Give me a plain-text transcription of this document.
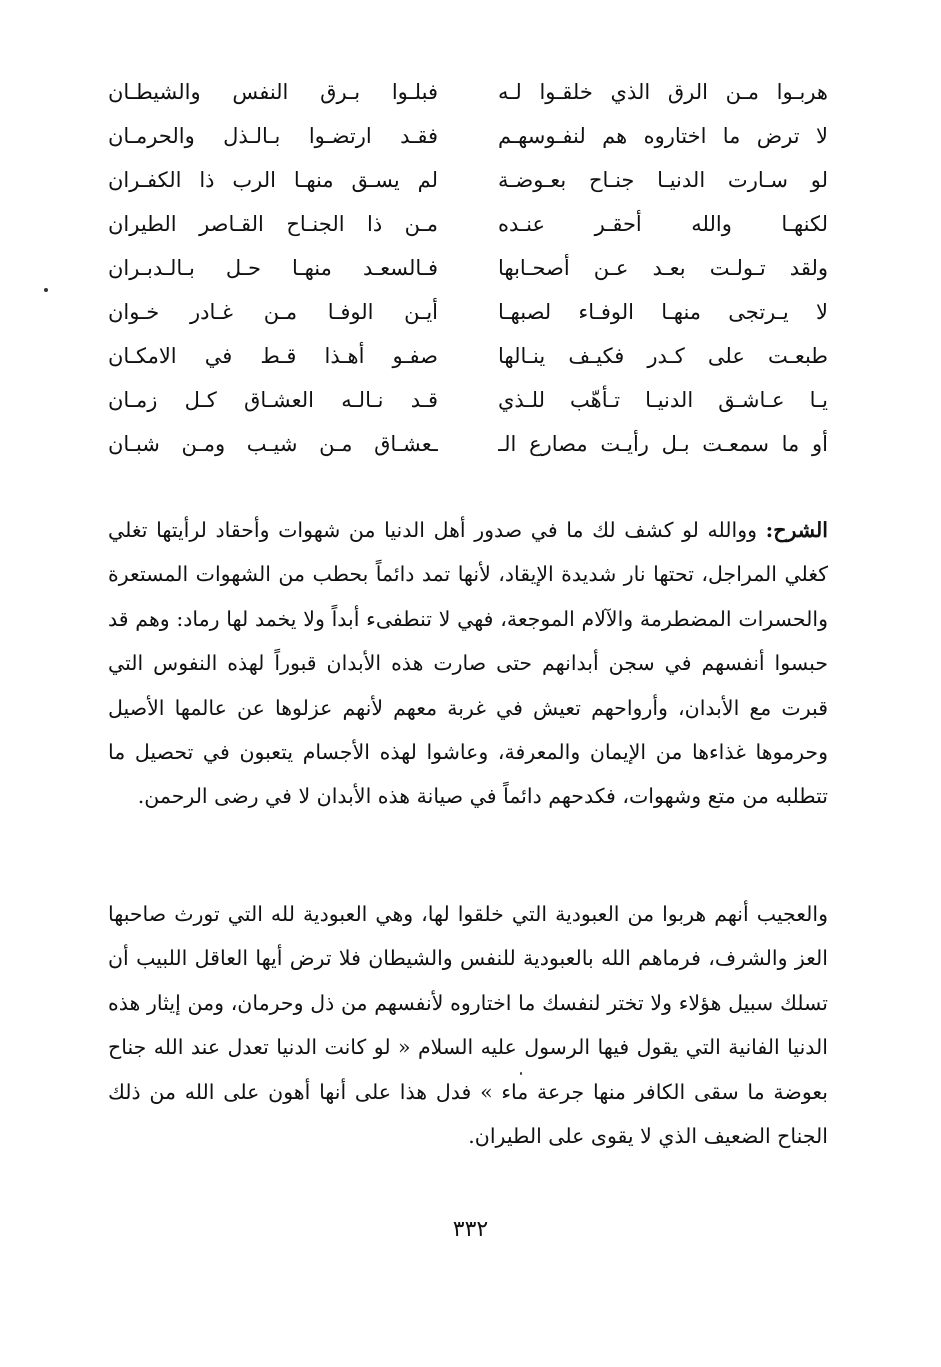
هربـوا مـن الرق الذي خلقـوا لـه
فبلـوا بـرق النفس والشيطـان
لا ترض ما اختاروه هم لنفـوسهـم
فقـد ارتضـوا بـالـذل والحرمـان
لو سـارت الدنيـا جنـاح بعـوضـة
لم يسـق منهـا الرب ذا الكفـران
لكنهـا والله أحقـر عنـده
مـن ذا الجنـاح القـاصر الطيران
ولقد تـولـت بعـد عـن أصحـابها
فـالسعـد منهـا حـل بـالـدبـران
لا يـرتجى منهـا الوفـاء لصبهـا
أيـن الوفـا مـن غـادر خـوان
طبعـت على كـدر فكيـف ينـالها
صفـو أهـذا قـط في الامكـان
يـا عـاشـق الدنيـا تـأهّب للـذي
قـد نـالـه العشـاق كـل زمـان
أو ما سمعـت بـل رأيـت مصارع الـ
ـعشـاق مـن شيـب ومـن شبـان

الشرح: ووالله لو كشف لك ما في صدور أهل الدنيا من شهوات وأحقاد لرأيتها تغلي كغلي المراجل، تحتها نار شديدة الإيقاد، لأنها تمد دائماً بحطب من الشهوات المستعرة والحسرات المضطرمة والآلام الموجعة، فهي لا تنطفىء أبداً ولا يخمد لها رماد: وهم قد حبسوا أنفسهم في سجن أبدانهم حتى صارت هذه الأبدان قبوراً لهذه النفوس التي قبرت مع الأبدان، وأرواحهم تعيش في غربة معهم لأنهم عزلوها عن عالمها الأصيل وحرموها غذاءها من الإيمان والمعرفة، وعاشوا لهذه الأجسام يتعبون في تحصيل ما تتطلبه من متع وشهوات، فكدحهم دائماً في صيانة هذه الأبدان لا في رضى الرحمن.

والعجيب أنهم هربوا من العبودية التي خلقوا لها، وهي العبودية لله التي تورث صاحبها العز والشرف، فرماهم الله بالعبودية للنفس والشيطان فلا ترض أيها العاقل اللبيب أن تسلك سبيل هؤلاء ولا تختر لنفسك ما اختاروه لأنفسهم من ذل وحرمان، ومن إيثار هذه الدنيا الفانية التي يقول فيها الرسول عليه السلام « لو كانت الدنيا تعدل عند الله جناح بعوضة ما سقى الكافر منها جرعة ماء » فدل هذا على أنها أهون على الله من ذلك الجناح الضعيف الذي لا يقوى على الطيران.

٣٣٢
